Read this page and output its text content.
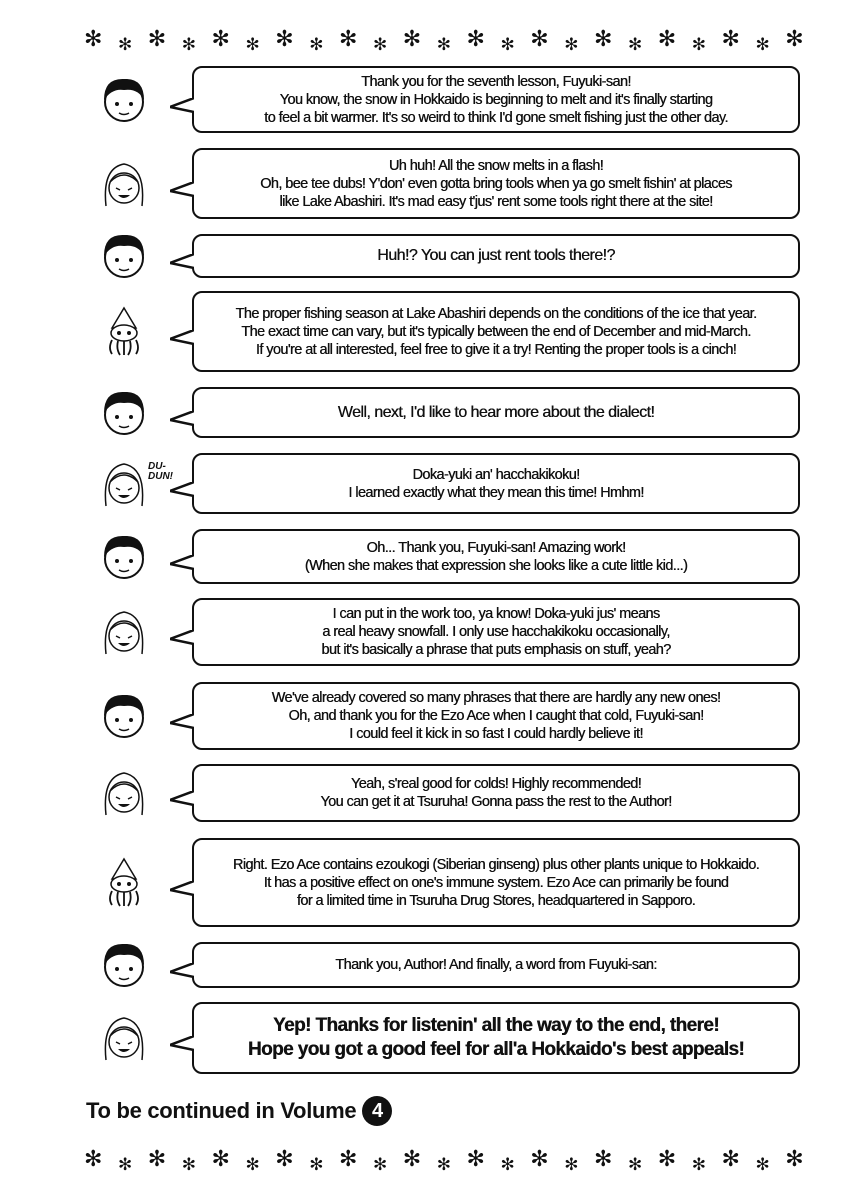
✻ ✻ ✻ ✻ ✻ ✻ ✻ ✻ ✻ ✻ ✻ ✻ ✻ ✻ ✻ ✻ ✻ ✻ ✻ ✻ ✻ ✻ ✻
Thank you for the seventh lesson, Fuyuki-san!
You know, the snow in Hokkaido is beginning to melt and it's finally starting
to feel a bit warmer. It's so weird to think I'd gone smelt fishing just the other day.
Uh huh! All the snow melts in a flash!
Oh, bee tee dubs! Y'don' even gotta bring tools when ya go smelt fishin' at places
like Lake Abashiri. It's mad easy t'jus' rent some tools right there at the site!
Huh!? You can just rent tools there!?
The proper fishing season at Lake Abashiri depends on the conditions of the ice that year.
The exact time can vary, but it's typically between the end of December and mid-March.
If you're at all interested, feel free to give it a try! Renting the proper tools is a cinch!
Well, next, I'd like to hear more about the dialect!
DU-
DUN!	Doka-yuki an' hacchakikoku!
I learned exactly what they mean this time! Hmhm!
Oh... Thank you, Fuyuki-san! Amazing work!
(When she makes that expression she looks like a cute little kid...)
I can put in the work too, ya know! Doka-yuki jus' means
a real heavy snowfall. I only use hacchakikoku occasionally,
but it's basically a phrase that puts emphasis on stuff, yeah?
We've already covered so many phrases that there are hardly any new ones!
Oh, and thank you for the Ezo Ace when I caught that cold, Fuyuki-san!
I could feel it kick in so fast I could hardly believe it!
Yeah, s'real good for colds! Highly recommended!
You can get it at Tsuruha! Gonna pass the rest to the Author!
Right. Ezo Ace contains ezoukogi (Siberian ginseng) plus other plants unique to Hokkaido.
It has a positive effect on one's immune system. Ezo Ace can primarily be found
for a limited time in Tsuruha Drug Stores, headquartered in Sapporo.
Thank you, Author! And finally, a word from Fuyuki-san:
Yep! Thanks for listenin' all the way to the end, there!
Hope you got a good feel for all'a Hokkaido's best appeals!
To be continued in Volume 4
✻ ✻ ✻ ✻ ✻ ✻ ✻ ✻ ✻ ✻ ✻ ✻ ✻ ✻ ✻ ✻ ✻ ✻ ✻ ✻ ✻ ✻ ✻
